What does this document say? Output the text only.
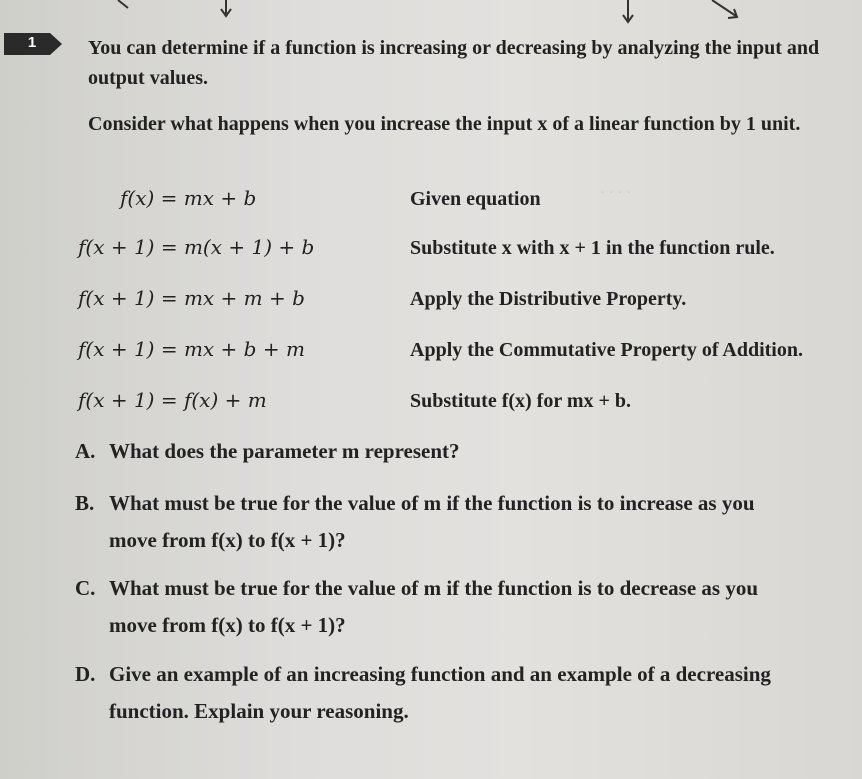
· · · ·
1	You can determine if a function is increasing or decreasing by analyzing the input and output values.
Consider what happens when you increase the input x of a linear function by 1 unit.
f(x) = mx + b	Given equation
f(x + 1) = m(x + 1) + b	Substitute x with x + 1 in the function rule.
f(x + 1) = mx + m + b	Apply the Distributive Property.
f(x + 1) = mx + b + m	Apply the Commutative Property of Addition.
f(x + 1) = f(x) + m	Substitute f(x) for mx + b.
A. What does the parameter m represent?
B. What must be true for the value of m if the function is to increase as you
move from f(x) to f(x + 1)?
C. What must be true for the value of m if the function is to decrease as you
move from f(x) to f(x + 1)?
D. Give an example of an increasing function and an example of a decreasing
function. Explain your reasoning.
